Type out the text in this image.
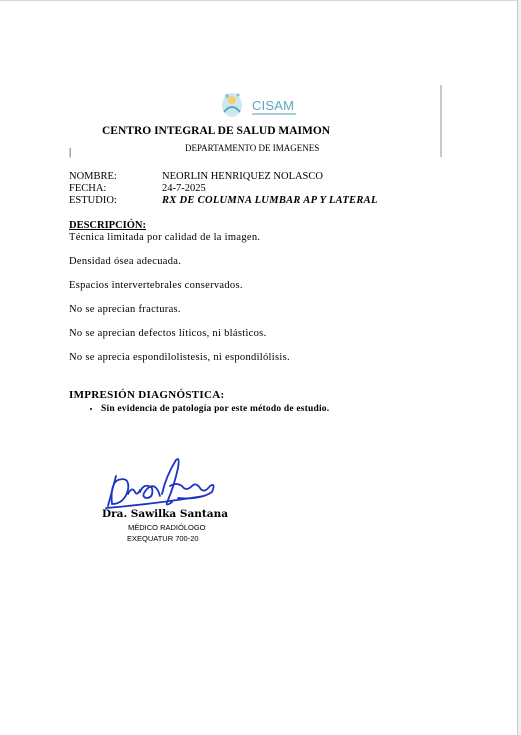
CISAM
CENTRO INTEGRAL DE SALUD MAIMON
DEPARTAMENTO DE IMAGENES
|
NOMBRE:	NEORLIN HENRIQUEZ NOLASCO
FECHA:	24-7-2025
ESTUDIO:	RX DE COLUMNA LUMBAR AP Y LATERAL
DESCRIPCIÓN:

Técnica limitada por calidad de la imagen.

Densidad ósea adecuada.

Espacios intervertebrales conservados.

No se aprecian fracturas.

No se aprecian defectos líticos, ni blásticos.

No se aprecia espondilolistesis, ni espondilólisis.

IMPRESIÓN DIAGNÓSTICA:
• Sin evidencia de patología por este método de estudio.
Dra. Sawilka Santana
MÉDICO RADIÓLOGO
EXEQUATUR 700-20
